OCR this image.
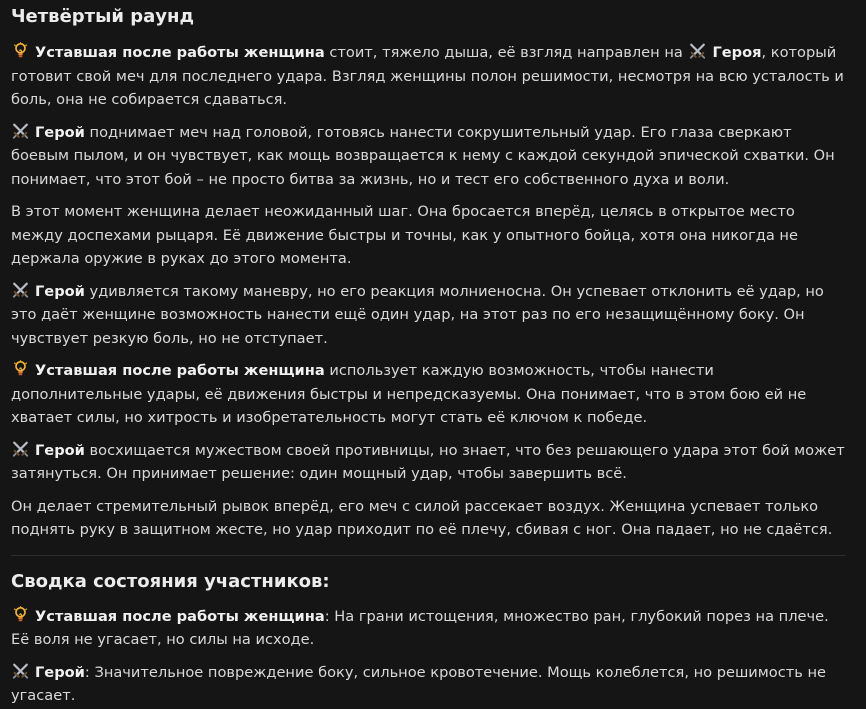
Четвёртый раунд

Уставшая после работы женщина стоит, тяжело дыша, её взгляд направлен на Героя, который готовит свой меч для последнего удара. Взгляд женщины полон решимости, несмотря на всю усталость и боль, она не собирается сдаваться.

Герой поднимает меч над головой, готовясь нанести сокрушительный удар. Его глаза сверкают боевым пылом, и он чувствует, как мощь возвращается к нему с каждой секундой эпической схватки. Он понимает, что этот бой – не просто битва за жизнь, но и тест его собственного духа и воли.

В этот момент женщина делает неожиданный шаг. Она бросается вперёд, целясь в открытое место между доспехами рыцаря. Её движение быстры и точны, как у опытного бойца, хотя она никогда не держала оружие в руках до этого момента.

Герой удивляется такому маневру, но его реакция молниеносна. Он успевает отклонить её удар, но это даёт женщине возможность нанести ещё один удар, на этот раз по его незащищённому боку. Он чувствует резкую боль, но не отступает.

Уставшая после работы женщина использует каждую возможность, чтобы нанести дополнительные удары, её движения быстры и непредсказуемы. Она понимает, что в этом бою ей не хватает силы, но хитрость и изобретательность могут стать её ключом к победе.

Герой восхищается мужеством своей противницы, но знает, что без решающего удара этот бой может затянуться. Он принимает решение: один мощный удар, чтобы завершить всё.

Он делает стремительный рывок вперёд, его меч с силой рассекает воздух. Женщина успевает только поднять руку в защитном жесте, но удар приходит по её плечу, сбивая с ног. Она падает, но не сдаётся.

Сводка состояния участников:

Уставшая после работы женщина: На грани истощения, множество ран, глубокий порез на плече. Её воля не угасает, но силы на исходе.

Герой: Значительное повреждение боку, сильное кровотечение. Мощь колеблется, но решимость не угасает.
